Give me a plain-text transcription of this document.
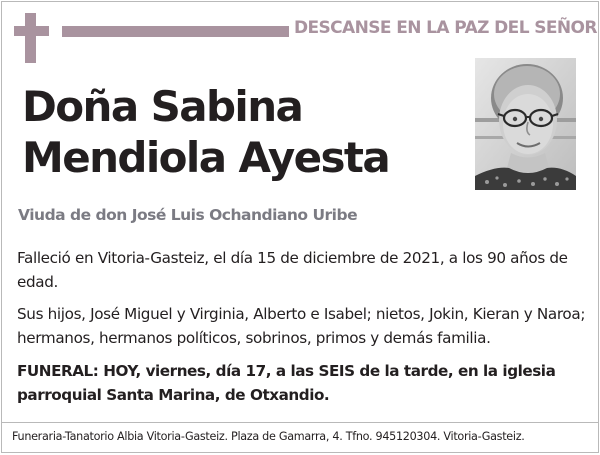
DESCANSE EN LA PAZ DEL SEÑOR
Doña Sabina
Mendiola Ayesta
Viuda de don José Luis Ochandiano Uribe

Falleció en Vitoria-Gasteiz, el día 15 de diciembre de 2021, a los 90 años de edad.

Sus hijos, José Miguel y Virginia, Alberto e Isabel; nietos, Jokin, Kieran y Naroa; hermanos, hermanos políticos, sobrinos, primos y demás familia.

FUNERAL: HOY, viernes, día 17, a las SEIS de la tarde, en la iglesia parroquial Santa Marina, de Otxandio.

Funeraria-Tanatorio Albia Vitoria-Gasteiz. Plaza de Gamarra, 4. Tfno. 945120304. Vitoria-Gasteiz.
